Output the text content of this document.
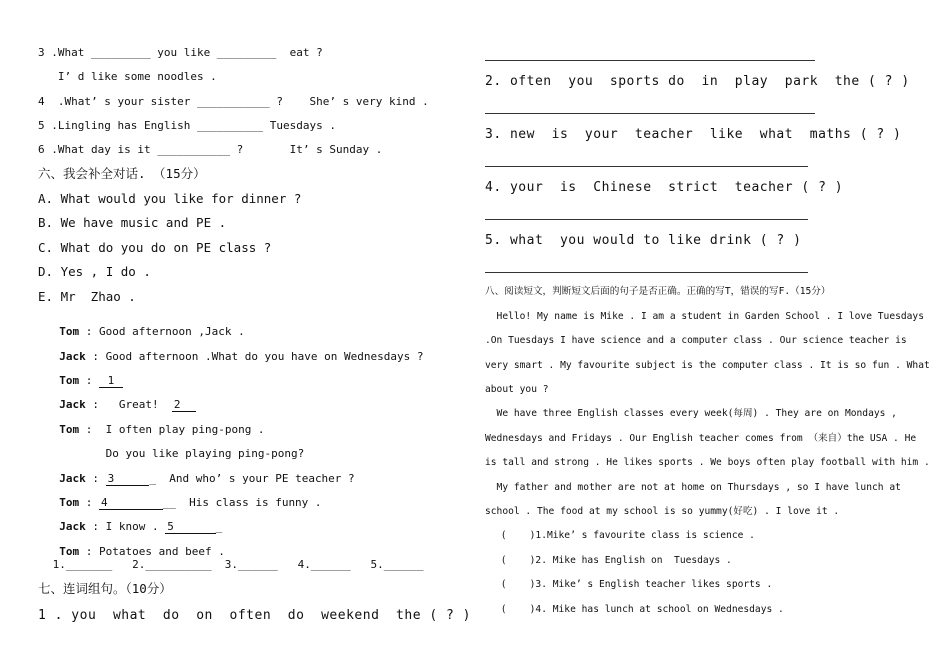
3 .What _________ you like _________  eat ?
I’ d like some noodles .
4  .What’ s your sister ___________ ?    She’ s very kind .
5 .Lingling has English __________ Tuesdays .
6 .What day is it ___________ ?       It’ s Sunday .
六、我会补全对话. （15分）
A. What would you like for dinner ?
B. We have music and PE .
C. What do you do on PE class ?
D. Yes , I do .
E. Mr  Zhao .

Tom : Good afternoon ,Jack .

Jack : Good afternoon .What do you have on Wednesdays ?

Tom :  1

Jack :   Great!  2

Tom :  I often play ping-pong .

Do you like playing ping-pong?

Jack : 3     _  And who’ s your PE teacher ?

Tom : 4        __  His class is funny .

Jack : I know . 5      _

Tom : Potatoes and beef .

1._______   2.__________  3.______   4.______   5.______
七、连词组句。（10分）
1 . you  what  do  on  often  do  weekend  the ( ? )
2. often  you  sports do  in  play  park  the ( ? )
3. new  is  your  teacher  like  what  maths ( ? )
4. your  is  Chinese  strict  teacher ( ? )
5. what  you would to like drink ( ? )
八、阅读短文，判断短文后面的句子是否正确。正确的写T，错误的写F.（15分）
Hello! My name is Mike . I am a student in Garden School . I love Tuesdays
.On Tuesdays I have science and a computer class . Our science teacher is
very smart . My favourite subject is the computer class . It is so fun . What
about you ?
We have three English classes every week(每周) . They are on Mondays ,
Wednesdays and Fridays . Our English teacher comes from （来自）the USA . He
is tall and strong . He likes sports . We boys often play football with him .
My father and mother are not at home on Thursdays , so I have lunch at
school . The food at my school is so yummy(好吃) . I love it .
(    )1.Mike’ s favourite class is science .
(    )2. Mike has English on  Tuesdays .
(    )3. Mike’ s English teacher likes sports .
(    )4. Mike has lunch at school on Wednesdays .
